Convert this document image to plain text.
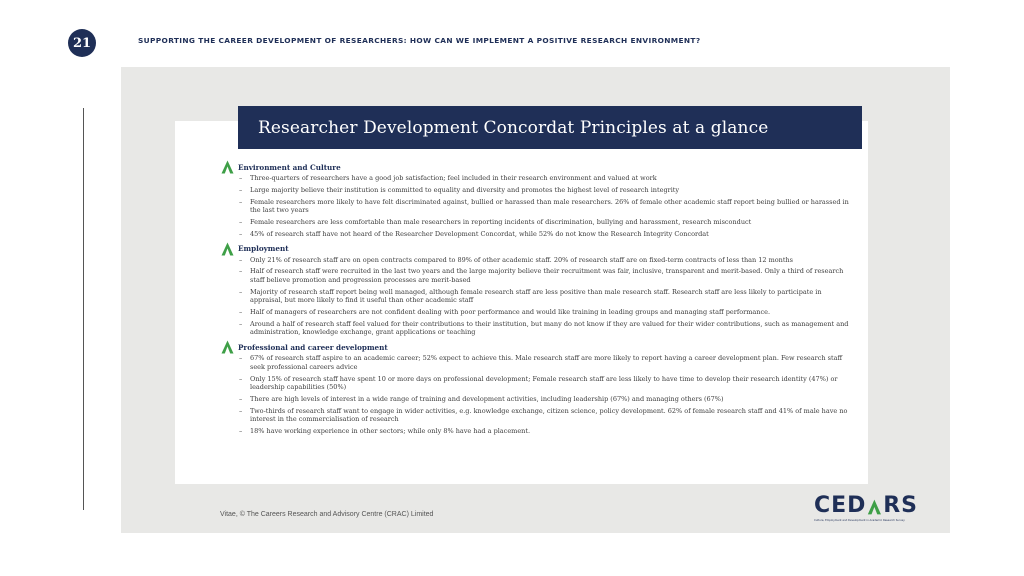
21	SUPPORTING THE CAREER DEVELOPMENT OF RESEARCHERS: HOW CAN WE IMPLEMENT A POSITIVE RESEARCH ENVIRONMENT?
Researcher Development Concordat Principles at a glance
Environment and Culture
– Three-quarters of researchers have a good job satisfaction; feel included in their research environment and valued at work
– Large majority believe their institution is committed to equality and diversity and promotes the highest level of research integrity
– Female researchers more likely to have felt discriminated against, bullied or harassed than male researchers. 26% of female other academic staff report being bullied or harassed in the last two years
– Female researchers are less comfortable than male researchers in reporting incidents of discrimination, bullying and harassment, research misconduct
– 45% of research staff have not heard of the Researcher Development Concordat, while 52% do not know the Research Integrity Concordat
Employment
– Only 21% of research staff are on open contracts compared to 89% of other academic staff. 20% of research staff are on fixed-term contracts of less than 12 months
– Half of research staff were recruited in the last two years and the large majority believe their recruitment was fair, inclusive, transparent and merit-based. Only a third of research staff believe promotion and progression processes are merit-based
– Majority of research staff report being well managed, although female research staff are less positive than male research staff. Research staff are less likely to participate in appraisal, but more likely to find it useful than other academic staff
– Half of managers of researchers are not confident dealing with poor performance and would like training in leading groups and managing staff performance.
– Around a half of research staff feel valued for their contributions to their institution, but many do not know if they are valued for their wider contributions, such as management and administration, knowledge exchange, grant applications or teaching
Professional and career development
– 67% of research staff aspire to an academic career; 52% expect to achieve this. Male research staff are more likely to report having a career development plan. Few research staff seek professional careers advice
– Only 15% of research staff have spent 10 or more days on professional development; Female research staff are less likely to have time to develop their research identity (47%) or leadership capabilities (50%)
– There are high levels of interest in a wide range of training and development activities, including leadership (67%) and managing others (67%)
– Two-thirds of research staff want to engage in wider activities, e.g. knowledge exchange, citizen science, policy development. 62% of female research staff and 41% of male have no interest in the commercialisation of research
– 18% have working experience in other sectors; while only 8% have had a placement.
Vitae, © The Careers Research and Advisory Centre (CRAC) Limited	CED RS
Culture, Employment and Development in Academic Research Survey
